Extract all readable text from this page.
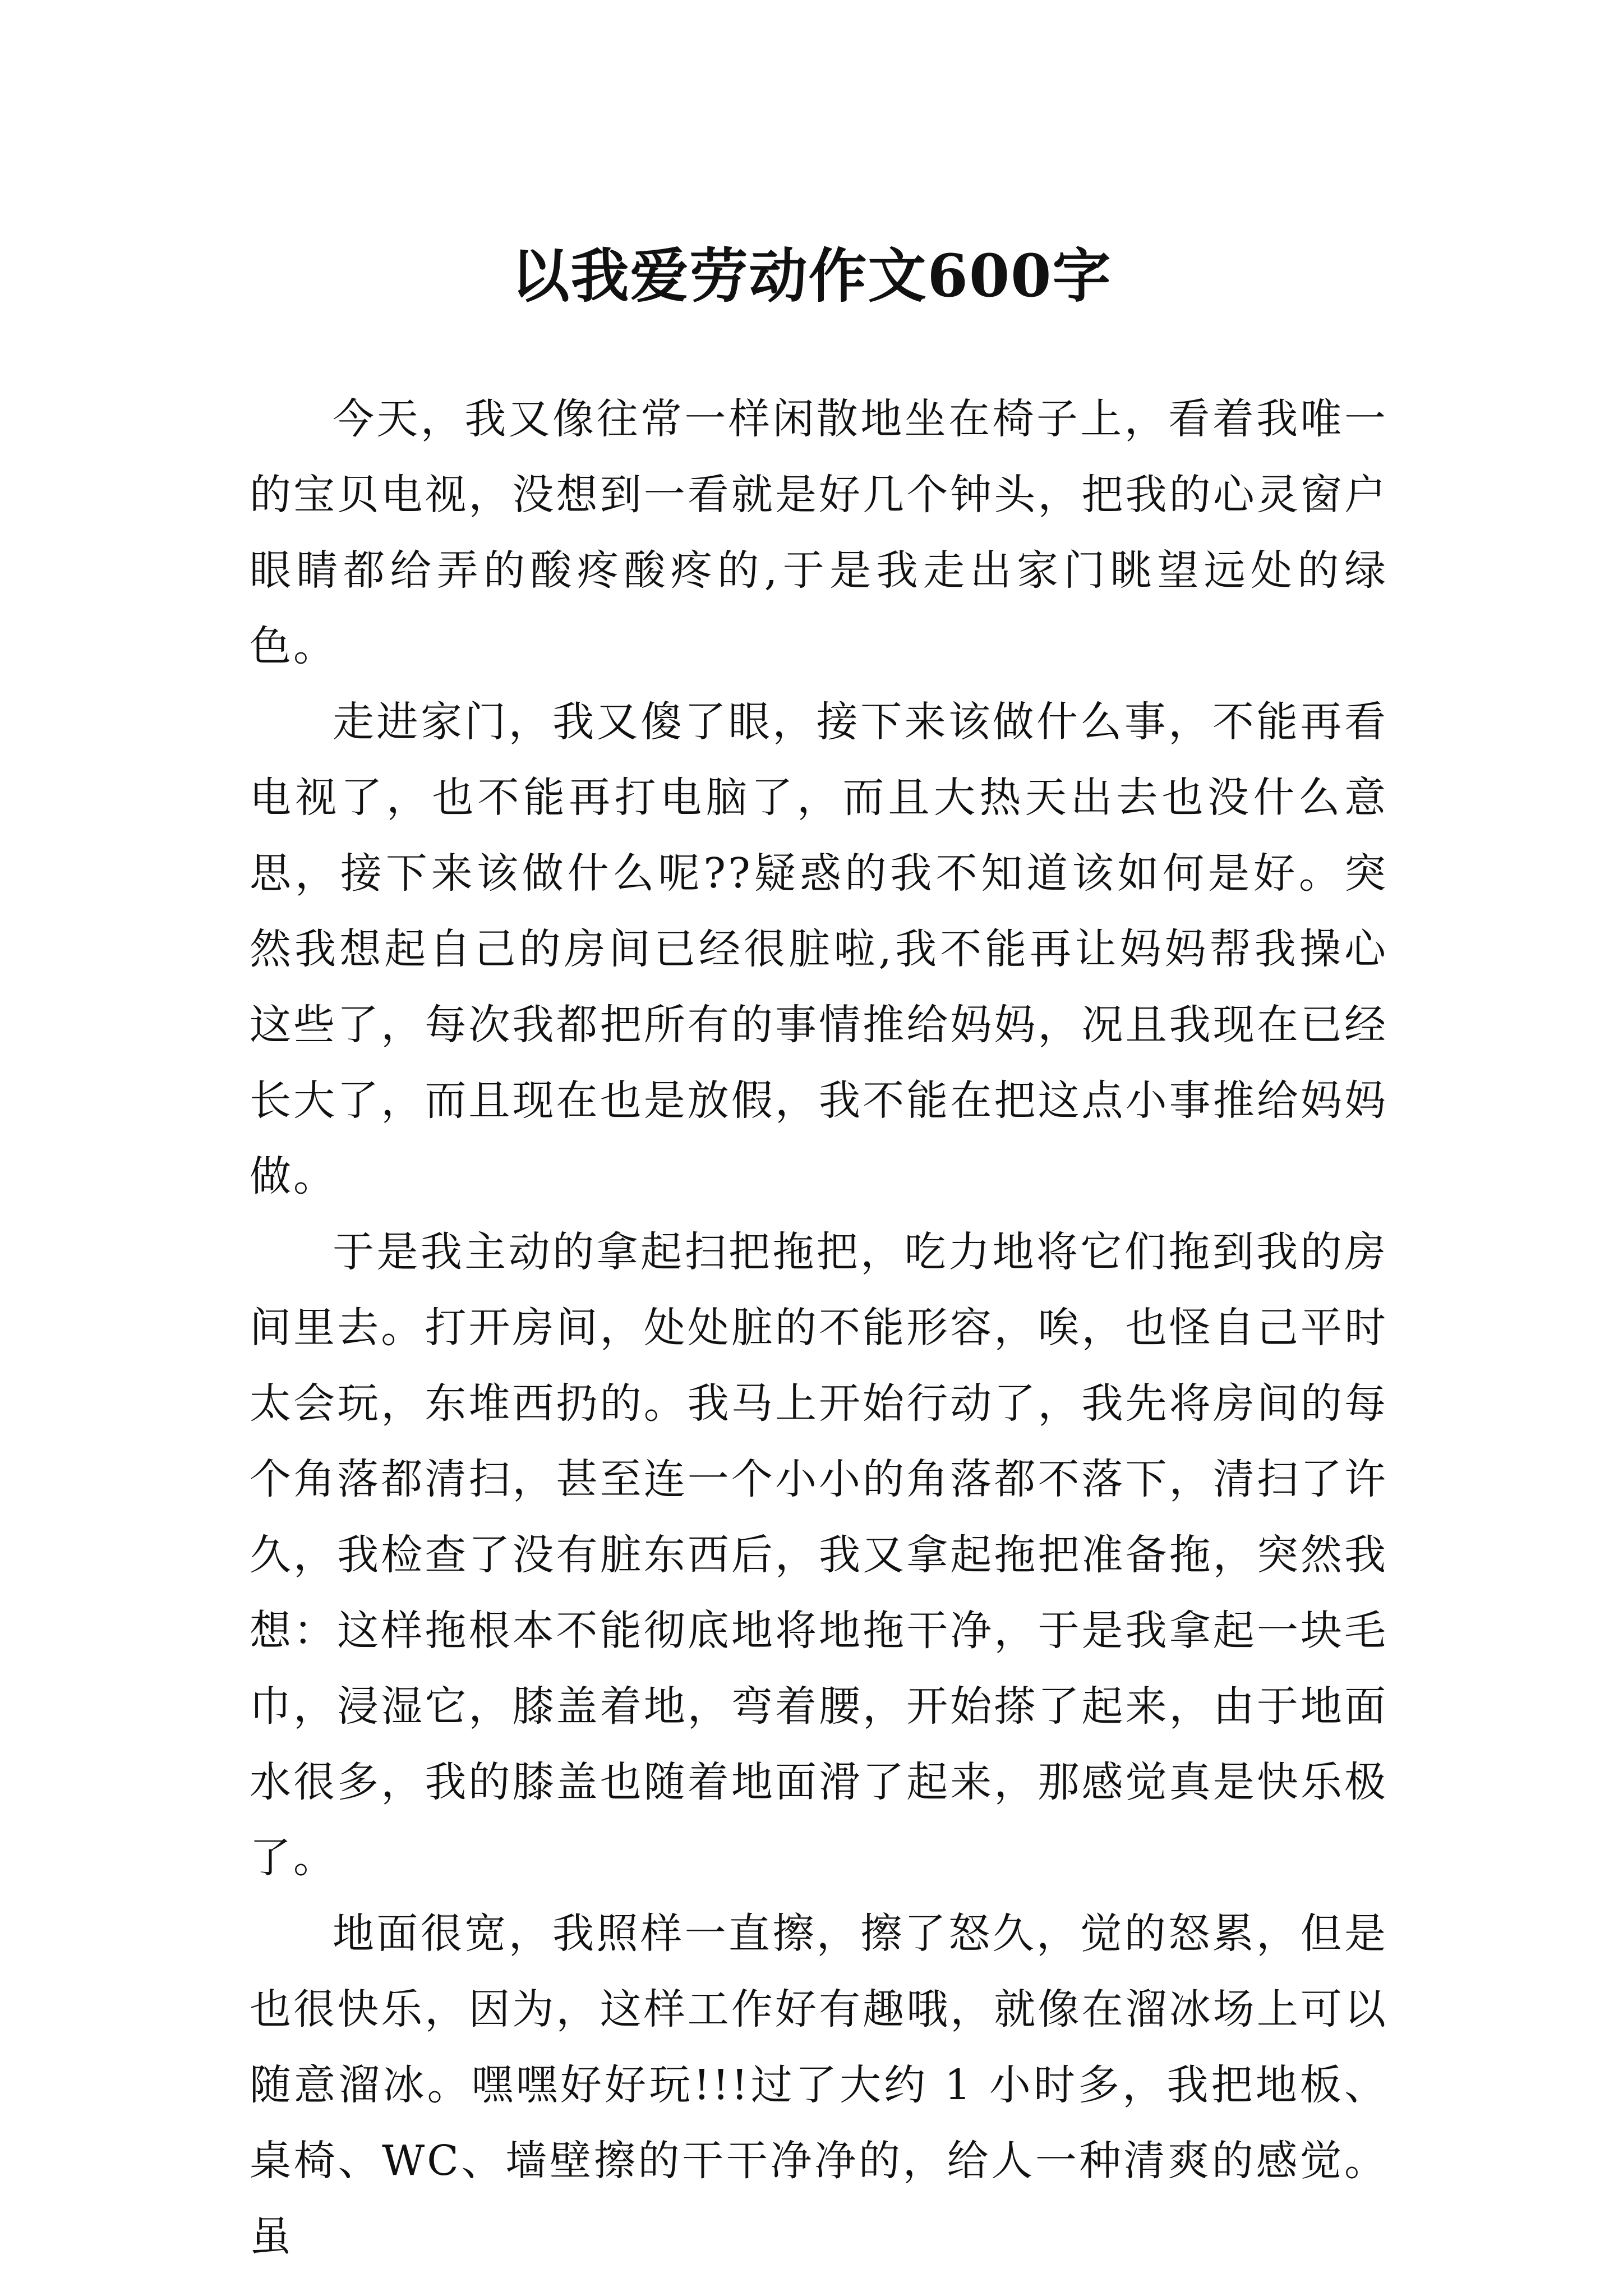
以我爱劳动作文600字

今天，我又像往常一样闲散地坐在椅子上，看着我唯一的宝贝电视，没想到一看就是好几个钟头，把我的心灵窗户眼睛都给弄的酸疼酸疼的,于是我走出家门眺望远处的绿色。

走进家门，我又傻了眼，接下来该做什么事，不能再看电视了，也不能再打电脑了，而且大热天出去也没什么意思，接下来该做什么呢??疑惑的我不知道该如何是好。突然我想起自己的房间已经很脏啦,我不能再让妈妈帮我操心这些了，每次我都把所有的事情推给妈妈，况且我现在已经长大了，而且现在也是放假，我不能在把这点小事推给妈妈做。

于是我主动的拿起扫把拖把，吃力地将它们拖到我的房间里去。打开房间，处处脏的不能形容，唉，也怪自己平时太会玩，东堆西扔的。我马上开始行动了，我先将房间的每个角落都清扫，甚至连一个小小的角落都不落下，清扫了许久，我检查了没有脏东西后，我又拿起拖把准备拖，突然我想：这样拖根本不能彻底地将地拖干净，于是我拿起一块毛巾，浸湿它，膝盖着地，弯着腰，开始搽了起来，由于地面水很多，我的膝盖也随着地面滑了起来，那感觉真是快乐极了。

地面很宽，我照样一直擦，擦了怒久，觉的怒累，但是也很快乐，因为，这样工作好有趣哦，就像在溜冰场上可以随意溜冰。嘿嘿好好玩!!!过了大约 1 小时多，我把地板、桌椅、WC、墙壁擦的干干净净的，给人一种清爽的感觉。虽
